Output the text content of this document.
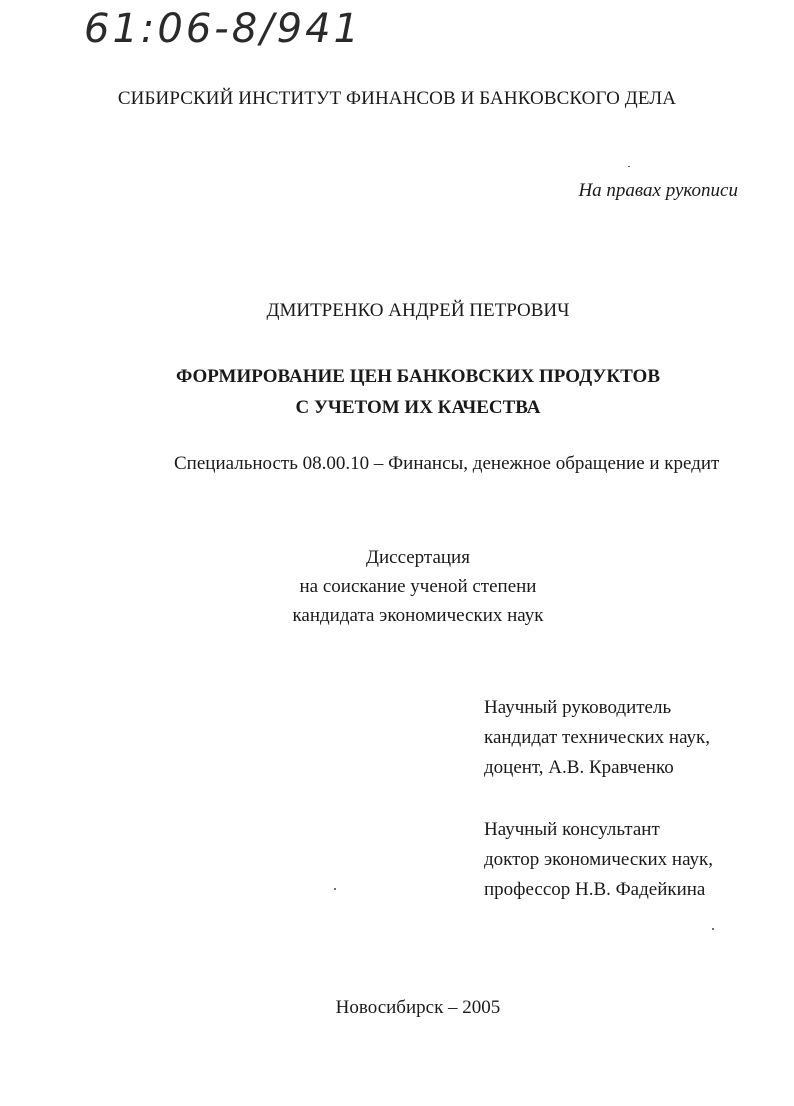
61:06-8/941
СИБИРСКИЙ ИНСТИТУТ ФИНАНСОВ И БАНКОВСКОГО ДЕЛА
На правах рукописи
ДМИТРЕНКО АНДРЕЙ ПЕТРОВИЧ
ФОРМИРОВАНИЕ ЦЕН БАНКОВСКИХ ПРОДУКТОВ
С УЧЕТОМ ИХ КАЧЕСТВА
Специальность 08.00.10 – Финансы, денежное обращение и кредит
Диссертация
на соискание ученой степени
кандидата экономических наук
Научный руководитель
кандидат технических наук,
доцент, А.В. Кравченко
Научный консультант
доктор экономических наук,
профессор Н.В. Фадейкина
Новосибирск – 2005
